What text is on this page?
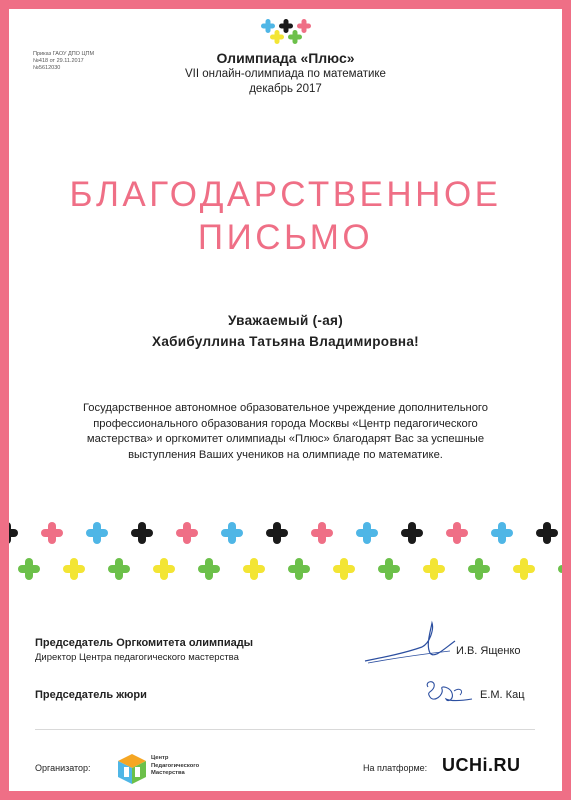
Приказ ГАОУ ДПО ЦПМ
№418 от 29.11.2017
№5612030
Олимпиада «Плюс»
VII онлайн-олимпиада по математике
декабрь 2017
БЛАГОДАРСТВЕННОЕ
ПИСЬМО
Уважаемый (-ая)
Хабибуллина Татьяна Владимировна!
Государственное автономное образовательное учреждение дополнительного профессионального образования города Москвы «Центр педагогического мастерства» и оргкомитет олимпиады «Плюс» благодарят Вас за успешные выступления Ваших учеников на олимпиаде по математике.
Председатель Оргкомитета олимпиады
Директор Центра педагогического мастерства
Председатель жюри
И.В. Ященко
Е.М. Кац
Организатор:
Центр
Педагогического
Мастерства	На платформе: UCHi.RU
